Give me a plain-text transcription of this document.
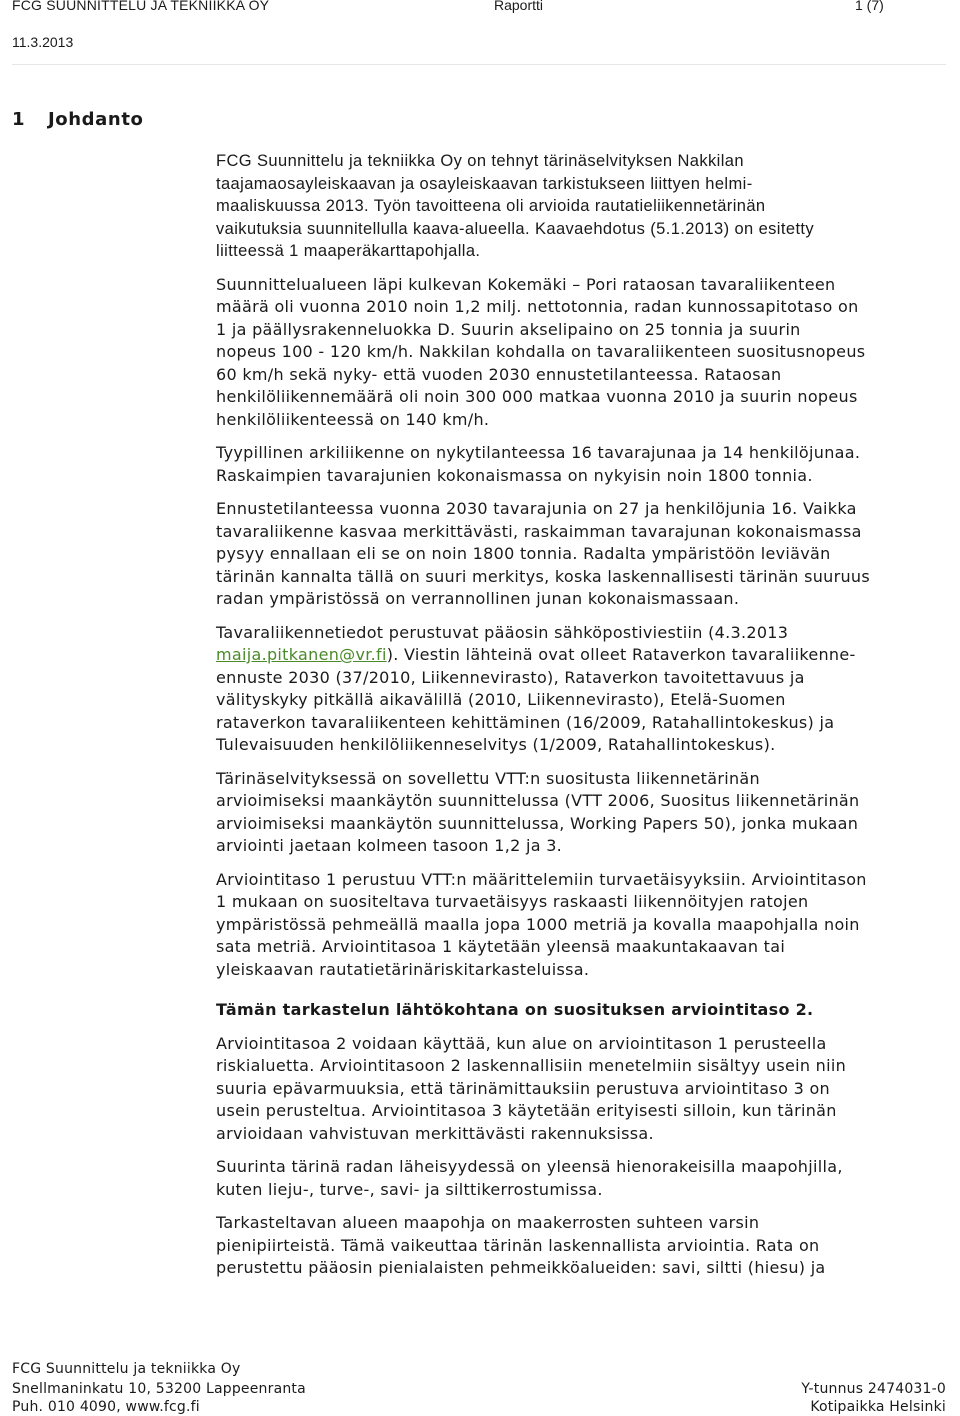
FCG SUUNNITTELU JA TEKNIIKKA OY	Raportti	1 (7)
11.3.2013
1 Johdanto

FCG Suunnittelu ja tekniikka Oy on tehnyt tärinäselvityksen Nakkilan
taajamaosayleiskaavan ja osayleiskaavan tarkistukseen liittyen helmi-
maaliskuussa 2013. Työn tavoitteena oli arvioida rautatieliikennetärinän
vaikutuksia suunnitellulla kaava-alueella. Kaavaehdotus (5.1.2013) on esitetty
liitteessä 1 maaperäkarttapohjalla.

Suunnittelualueen läpi kulkevan Kokemäki – Pori rataosan tavaraliikenteen
määrä oli vuonna 2010 noin 1,2 milj. nettotonnia, radan kunnossapitotaso on
1 ja päällysrakenneluokka D. Suurin akselipaino on 25 tonnia ja suurin
nopeus 100 - 120 km/h. Nakkilan kohdalla on tavaraliikenteen suositusnopeus
60 km/h sekä nyky- että vuoden 2030 ennustetilanteessa. Rataosan
henkilöliikennemäärä oli noin 300 000 matkaa vuonna 2010 ja suurin nopeus
henkilöliikenteessä on 140 km/h.

Tyypillinen arkiliikenne on nykytilanteessa 16 tavarajunaa ja 14 henkilöjunaa.
Raskaimpien tavarajunien kokonaismassa on nykyisin noin 1800 tonnia.

Ennustetilanteessa vuonna 2030 tavarajunia on 27 ja henkilöjunia 16. Vaikka
tavaraliikenne kasvaa merkittävästi, raskaimman tavarajunan kokonaismassa
pysyy ennallaan eli se on noin 1800 tonnia. Radalta ympäristöön leviävän
tärinän kannalta tällä on suuri merkitys, koska laskennallisesti tärinän suuruus
radan ympäristössä on verrannollinen junan kokonaismassaan.

Tavaraliikennetiedot perustuvat pääosin sähköpostiviestiin (4.3.2013
maija.pitkanen@vr.fi). Viestin lähteinä ovat olleet Rataverkon tavaraliikenne-
ennuste 2030 (37/2010, Liikennevirasto), Rataverkon tavoitettavuus ja
välityskyky pitkällä aikavälillä (2010, Liikennevirasto), Etelä-Suomen
rataverkon tavaraliikenteen kehittäminen (16/2009, Ratahallintokeskus) ja
Tulevaisuuden henkilöliikenneselvitys (1/2009, Ratahallintokeskus).

Tärinäselvityksessä on sovellettu VTT:n suositusta liikennetärinän
arvioimiseksi maankäytön suunnittelussa (VTT 2006, Suositus liikennetärinän
arvioimiseksi maankäytön suunnittelussa, Working Papers 50), jonka mukaan
arviointi jaetaan kolmeen tasoon 1,2 ja 3.

Arviointitaso 1 perustuu VTT:n määrittelemiin turvaetäisyyksiin. Arviointitason
1 mukaan on suositeltava turvaetäisyys raskaasti liikennöityjen ratojen
ympäristössä pehmeällä maalla jopa 1000 metriä ja kovalla maapohjalla noin
sata metriä. Arviointitasoa 1 käytetään yleensä maakuntakaavan tai
yleiskaavan rautatietärinäriskitarkasteluissa.

Tämän tarkastelun lähtökohtana on suosituksen arviointitaso 2.

Arviointitasoa 2 voidaan käyttää, kun alue on arviointitason 1 perusteella
riskialuetta. Arviointitasoon 2 laskennallisiin menetelmiin sisältyy usein niin
suuria epävarmuuksia, että tärinämittauksiin perustuva arviointitaso 3 on
usein perusteltua. Arviointitasoa 3 käytetään erityisesti silloin, kun tärinän
arvioidaan vahvistuvan merkittävästi rakennuksissa.

Suurinta tärinä radan läheisyydessä on yleensä hienorakeisilla maapohjilla,
kuten lieju-, turve-, savi- ja silttikerrostumissa.

Tarkasteltavan alueen maapohja on maakerrosten suhteen varsin
pienipiirteistä. Tämä vaikeuttaa tärinän laskennallista arviointia. Rata on
perustettu pääosin pienialaisten pehmeikköalueiden: savi, siltti (hiesu) ja

FCG Suunnittelu ja tekniikka Oy
Snellmaninkatu 10, 53200 Lappeenranta
Puh. 010 4090, www.fcg.fi
Y-tunnus 2474031-0
Kotipaikka Helsinki
